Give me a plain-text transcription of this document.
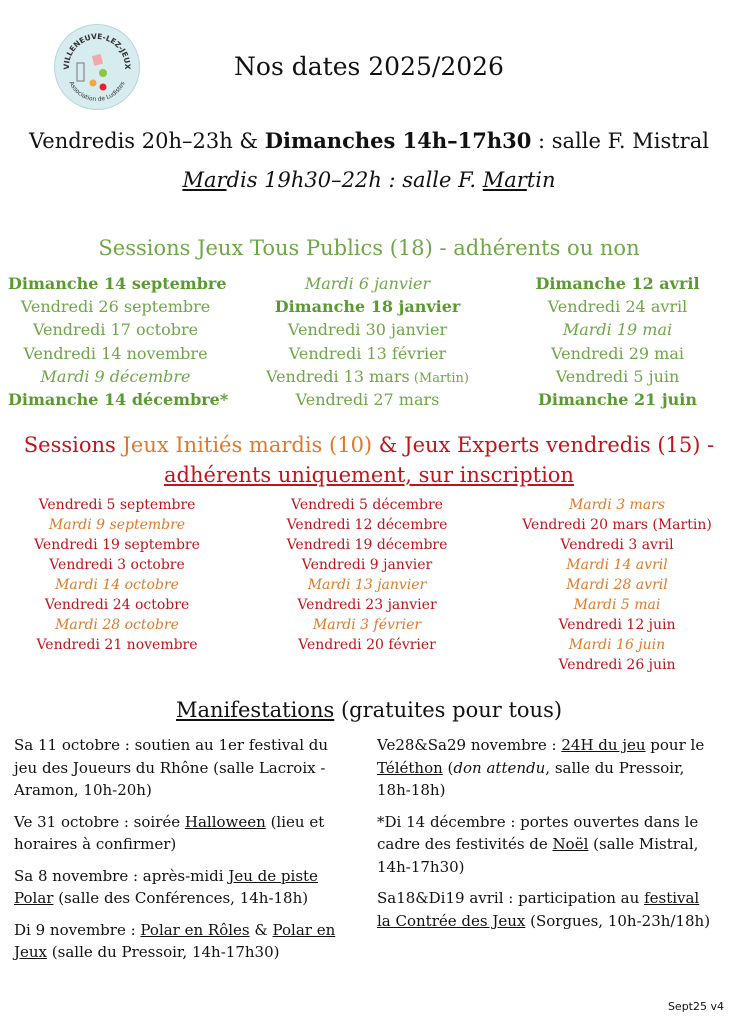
VILLENEUVE-LEZ-JEUX
Association de Ludistes
Nos dates 2025/2026
Vendredis 20h–23h & Dimanches 14h–17h30 : salle F. Mistral
Mardis 19h30–22h : salle F. Martin
Sessions Jeux Tous Publics (18) - adhérents ou non
Dimanche 14 septembre
Vendredi 26 septembre
Vendredi 17 octobre
Vendredi 14 novembre
Mardi 9 décembre
Dimanche 14 décembre*
Mardi 6 janvier
Dimanche 18 janvier
Vendredi 30 janvier
Vendredi 13 février
Vendredi 13 mars (Martin)
Vendredi 27 mars
Dimanche 12 avril
Vendredi 24 avril
Mardi 19 mai
Vendredi 29 mai
Vendredi 5 juin
Dimanche 21 juin
Sessions Jeux Initiés mardis (10) & Jeux Experts vendredis (15) -
adhérents uniquement, sur inscription
Vendredi 5 septembre
Mardi 9 septembre
Vendredi 19 septembre
Vendredi 3 octobre
Mardi 14 octobre
Vendredi 24 octobre
Mardi 28 octobre
Vendredi 21 novembre
Vendredi 5 décembre
Vendredi 12 décembre
Vendredi 19 décembre
Vendredi 9 janvier
Mardi 13 janvier
Vendredi 23 janvier
Mardi 3 février
Vendredi 20 février
Mardi 3 mars
Vendredi 20 mars (Martin)
Vendredi 3 avril
Mardi 14 avril
Mardi 28 avril
Mardi 5 mai
Vendredi 12 juin
Mardi 16 juin
Vendredi 26 juin
Manifestations (gratuites pour tous)
Sa 11 octobre : soutien au 1er festival du jeu des Joueurs du Rhône (salle Lacroix - Aramon, 10h-20h)
Ve 31 octobre : soirée Halloween (lieu et horaires à confirmer)
Sa 8 novembre : après-midi Jeu de piste Polar (salle des Conférences, 14h-18h)
Di 9 novembre : Polar en Rôles & Polar en Jeux (salle du Pressoir, 14h-17h30)
Ve28&Sa29 novembre : 24H du jeu pour le Téléthon (don attendu, salle du Pressoir, 18h-18h)
*Di 14 décembre : portes ouvertes dans le cadre des festivités de Noël (salle Mistral, 14h-17h30)
Sa18&Di19 avril : participation au festival la Contrée des Jeux (Sorgues, 10h-23h/18h)
Sept25 v4
